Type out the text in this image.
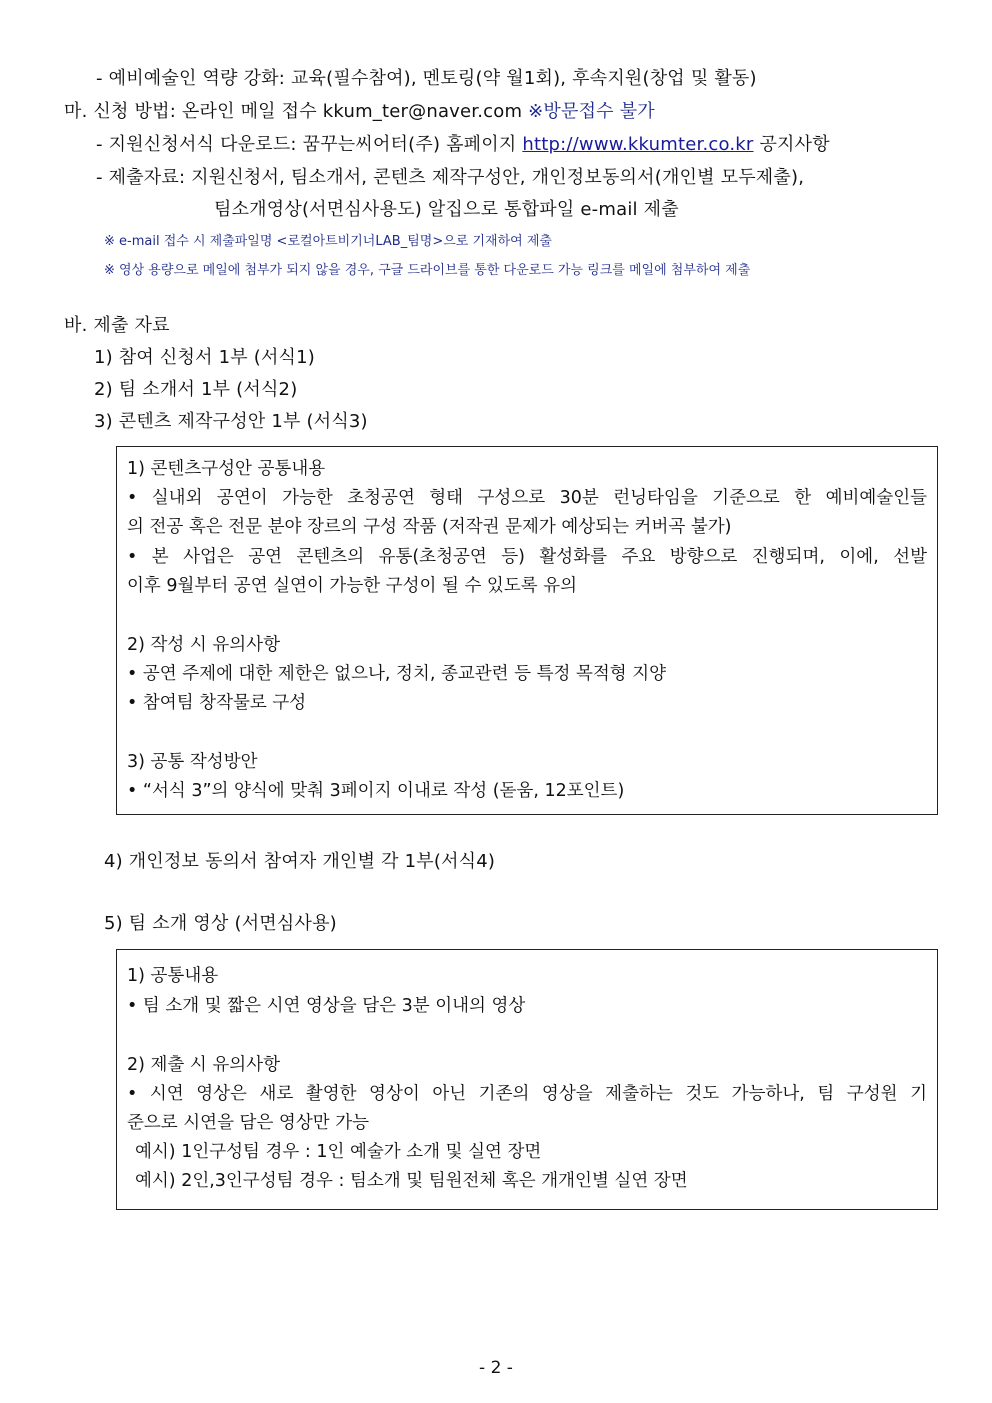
- 예비예술인 역량 강화: 교육(필수참여), 멘토링(약 월1회), 후속지원(창업 및 활동)
마. 신청 방법: 온라인 메일 접수 kkum_ter@naver.com ※방문접수 불가
- 지원신청서식 다운로드: 꿈꾸는씨어터(주) 홈페이지 http://www.kkumter.co.kr 공지사항
- 제출자료: 지원신청서, 팀소개서, 콘텐츠 제작구성안, 개인정보동의서(개인별 모두제출),
팀소개영상(서면심사용도) 알집으로 통합파일 e-mail 제출
※ e-mail 접수 시 제출파일명 <로컬아트비기너LAB_팀명>으로 기재하여 제출
※ 영상 용량으로 메일에 첨부가 되지 않을 경우, 구글 드라이브를 통한 다운로드 가능 링크를 메일에 첨부하여 제출
바. 제출 자료
1) 참여 신청서 1부 (서식1)
2) 팀 소개서 1부 (서식2)
3) 콘텐츠 제작구성안 1부 (서식3)
1) 콘텐츠구성안 공통내용
• 실내외 공연이 가능한 초청공연 형태 구성으로 30분 런닝타임을 기준으로 한 예비예술인들
의 전공 혹은 전문 분야 장르의 구성 작품 (저작권 문제가 예상되는 커버곡 불가)
• 본 사업은 공연 콘텐츠의 유통(초청공연 등) 활성화를 주요 방향으로 진행되며, 이에, 선발
이후 9월부터 공연 실연이 가능한 구성이 될 수 있도록 유의
2) 작성 시 유의사항
• 공연 주제에 대한 제한은 없으나, 정치, 종교관련 등 특정 목적형 지양
• 참여팀 창작물로 구성
3) 공통 작성방안
• “서식 3”의 양식에 맞춰 3페이지 이내로 작성 (돋움, 12포인트)
4) 개인정보 동의서 참여자 개인별 각 1부(서식4)
5) 팀 소개 영상 (서면심사용)
1) 공통내용
• 팀 소개 및 짧은 시연 영상을 담은 3분 이내의 영상
2) 제출 시 유의사항
• 시연 영상은 새로 촬영한 영상이 아닌 기존의 영상을 제출하는 것도 가능하나, 팀 구성원 기
준으로 시연을 담은 영상만 가능
예시) 1인구성팀 경우 : 1인 예술가 소개 및 실연 장면
예시) 2인,3인구성팀 경우 : 팀소개 및 팀원전체 혹은 개개인별 실연 장면
- 2 -
